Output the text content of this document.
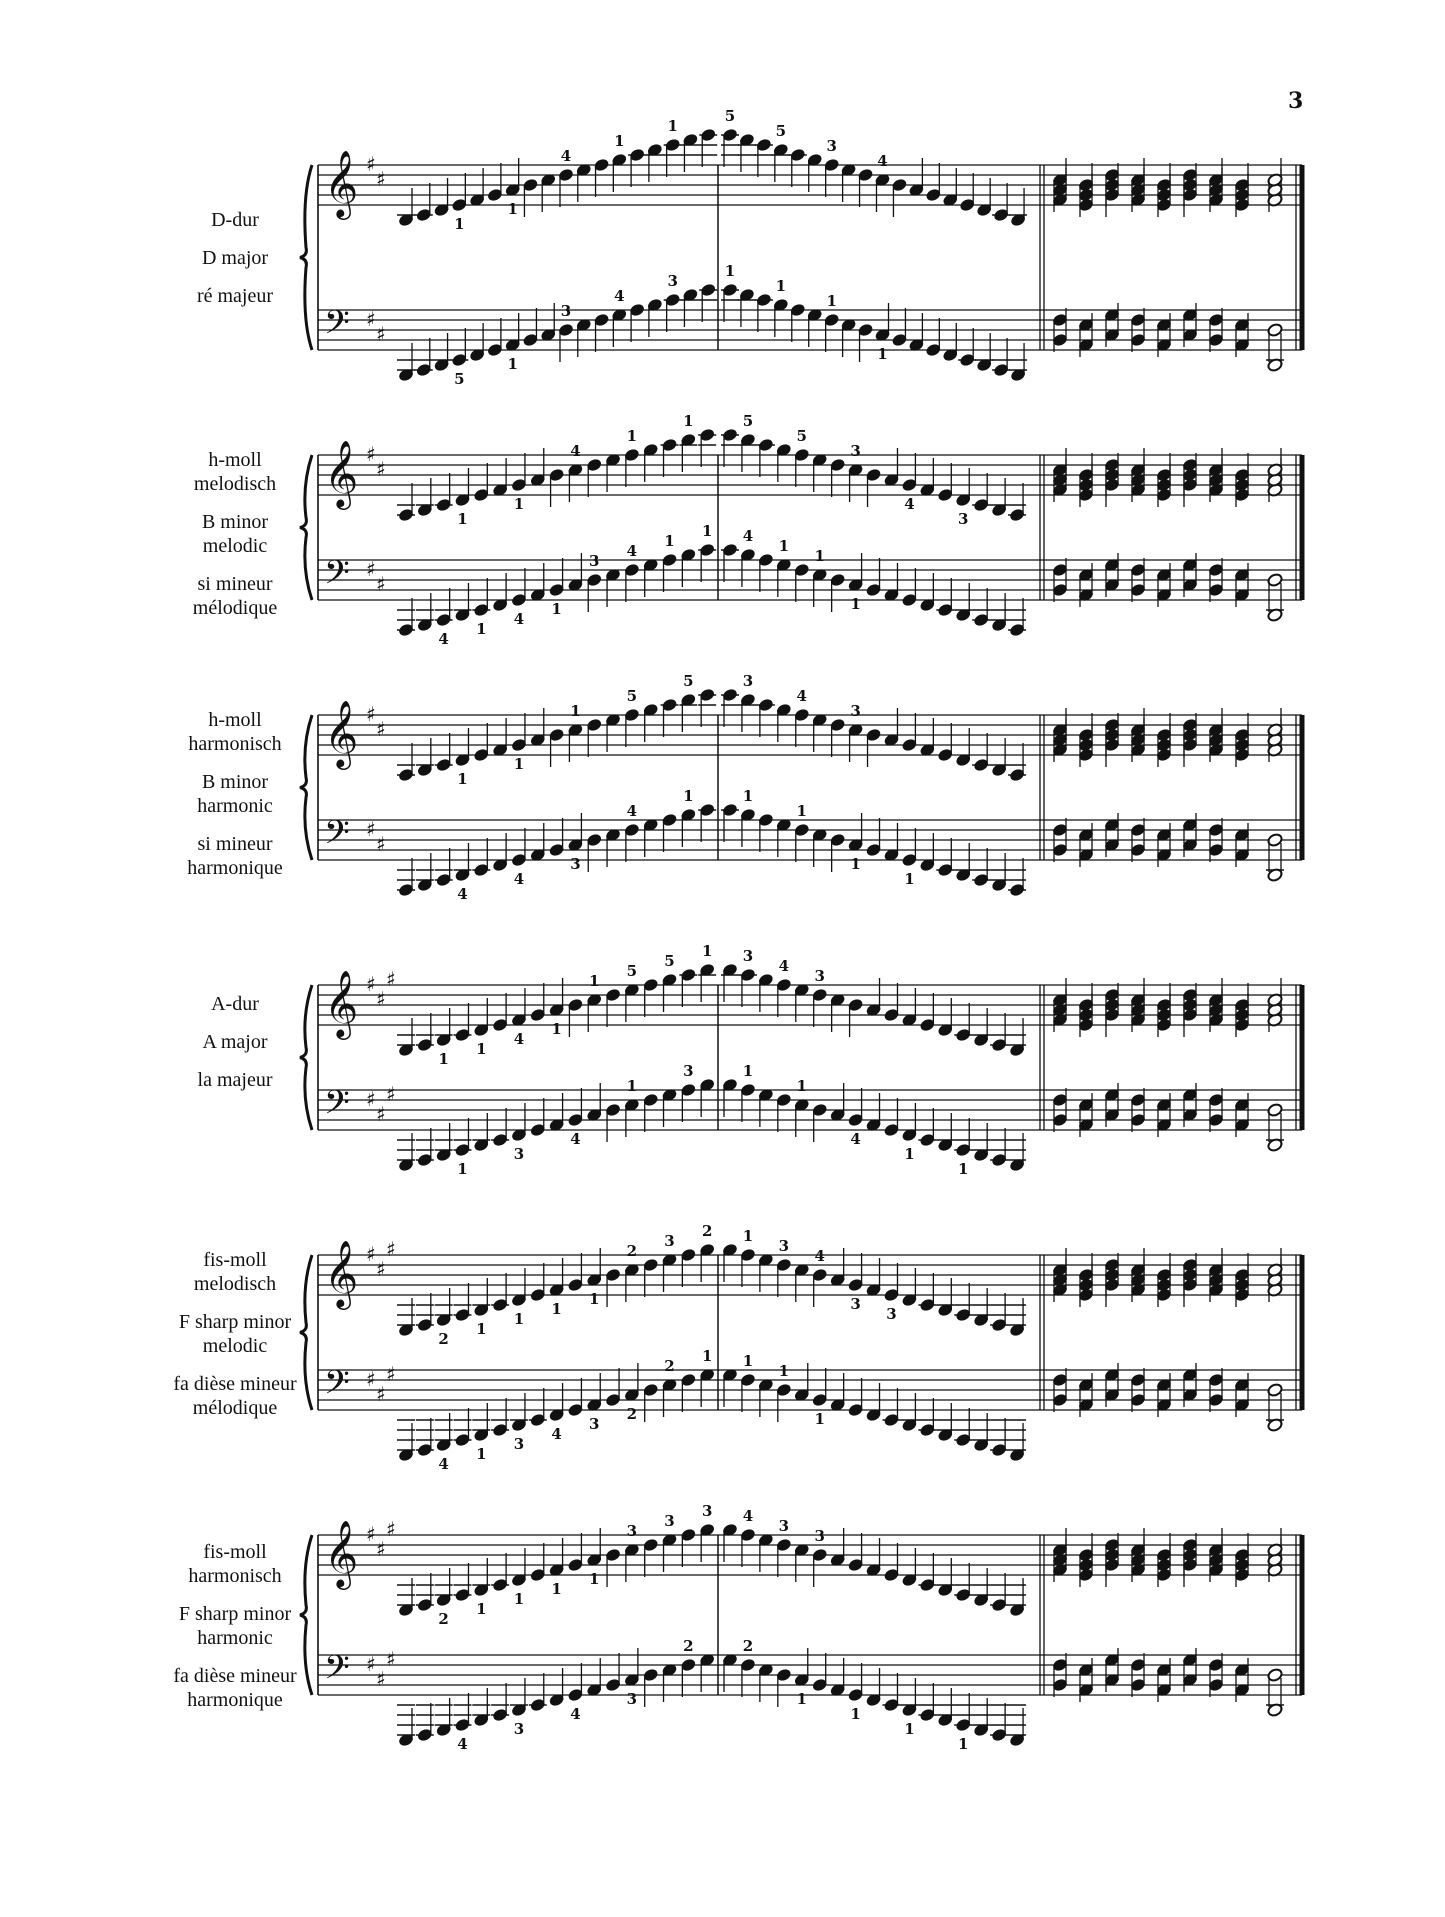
3
D-dur
D major
ré majeur
𝄞
𝄢
♯
♯
♯
♯
1
1
4
1
1
5
5
3
4
5
1
3
4
3
1
1
1
1
h-moll
melodisch
B minor
melodic
si mineur
mélodique
𝄞
𝄢
♯
♯
♯
♯
1
1
4
1
1	5
5
3
4
3
4
1
4
1
3
4
1
1 4
1
1
1
h-moll
harmonisch
B minor
harmonic
si mineur
harmonique
𝄞
𝄢
♯
♯
♯
♯
1
1
1
5
5	3
4
3
4
4
3
4
1	1
1
1
1
A-dur
A major
la majeur
𝄞
𝄢
♯
♯
♯
♯
♯
♯
1
1
4
1
1
5
5
1 3
4
3
1
3
4
1
3	1
1
4
1
1
fis-moll
melodisch
F sharp minor
melodic
fa dièse mineur
mélodique
𝄞
𝄢
♯
♯
♯
♯
♯
♯
2
1
1
1
1
2
3
2 1
3
4
3
3
4
1
3
4
3
2
2
1 1
1
1
fis-moll
harmonisch
F sharp minor
harmonic
fa dièse mineur
harmonique
𝄞
𝄢
♯
♯
♯
♯
♯
♯
2
1
1
1
1
3
3
3 4
3
3
4
3
4
3
2	2
1
1
1
1
